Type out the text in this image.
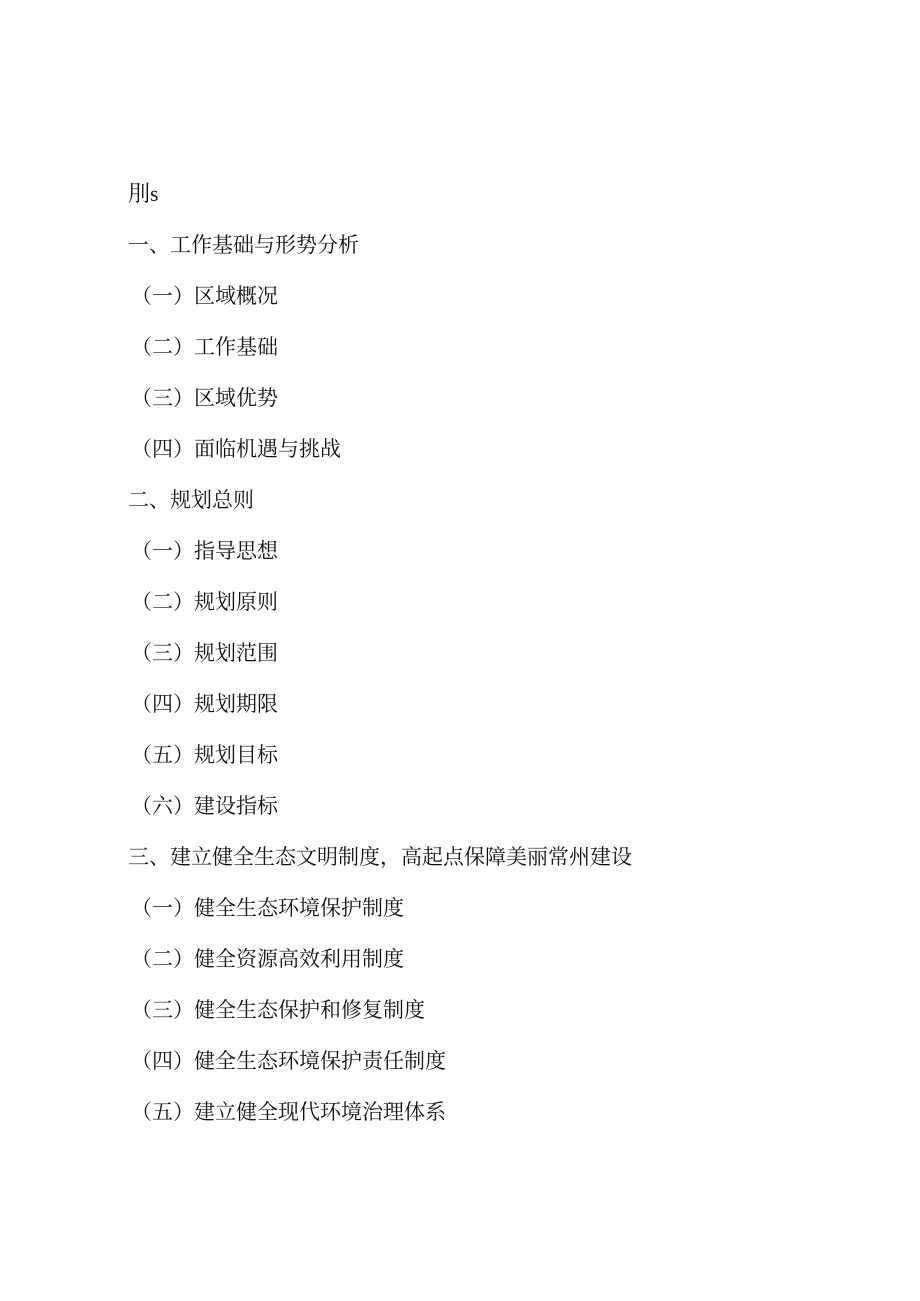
刖s
一、工作基础与形势分析
（一）区域概况
（二）工作基础
（三）区域优势
（四）面临机遇与挑战
二、规划总则
（一）指导思想
（二）规划原则
（三）规划范围
（四）规划期限
（五）规划目标
（六）建设指标
三、建立健全生态文明制度，高起点保障美丽常州建设
（一）健全生态环境保护制度
（二）健全资源高效利用制度
（三）健全生态保护和修复制度
（四）健全生态环境保护责任制度
（五）建立健全现代环境治理体系
